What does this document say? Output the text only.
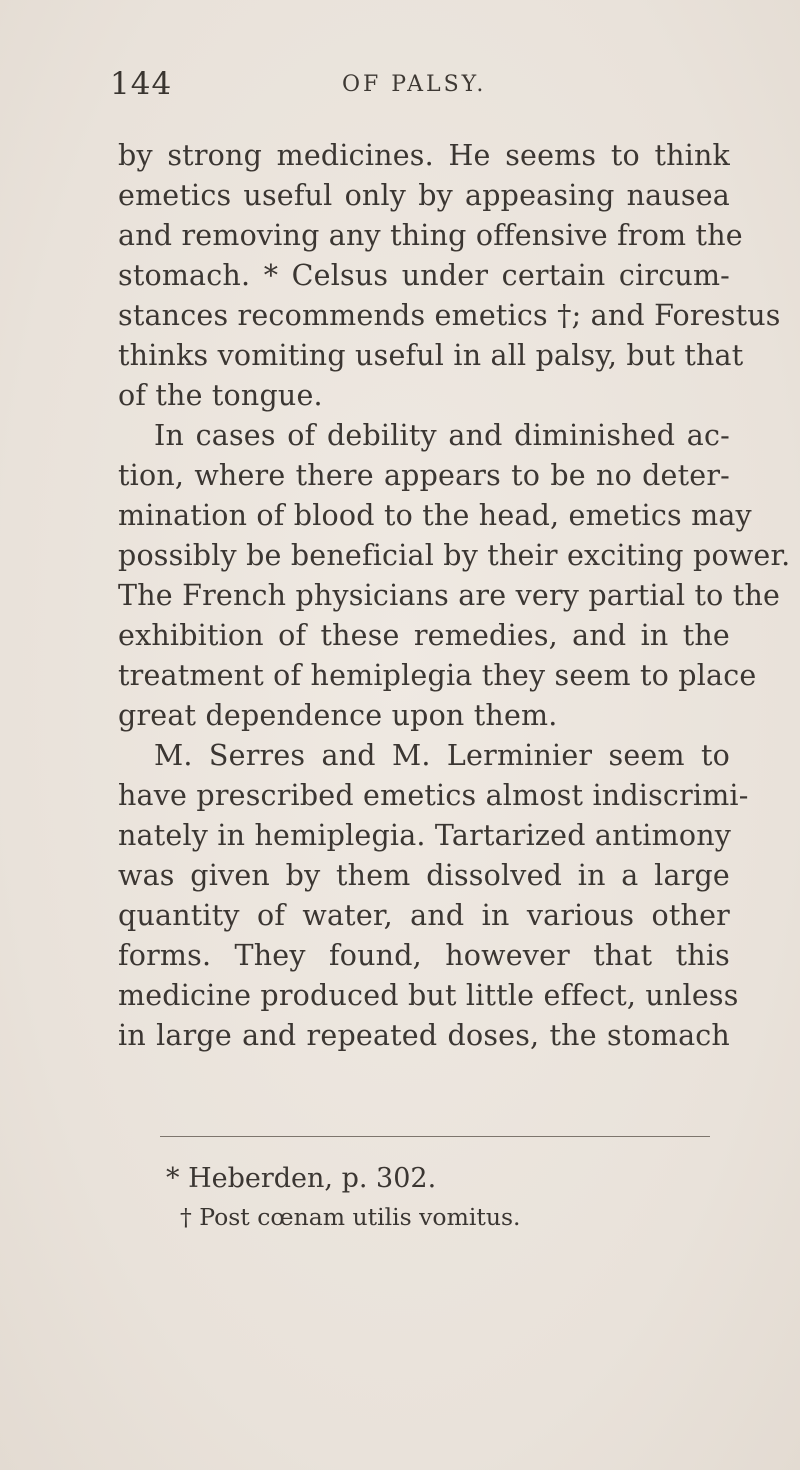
144	OF PALSY.
by strong medicines. He seems to think
emetics useful only by appeasing nausea
and removing any thing offensive from the
stomach. * Celsus under certain circum-
stances recommends emetics †; and Forestus
thinks vomiting useful in all palsy, but that
of the tongue.
In cases of debility and diminished ac-
tion, where there appears to be no deter-
mination of blood to the head, emetics may
possibly be beneficial by their exciting power.
The French physicians are very partial to the
exhibition of these remedies, and in the
treatment of hemiplegia they seem to place
great dependence upon them.
M. Serres and M. Lerminier seem to
have prescribed emetics almost indiscrimi-
nately in hemiplegia. Tartarized antimony
was given by them dissolved in a large
quantity of water, and in various other
forms. They found, however that this
medicine produced but little effect, unless
in large and repeated doses, the stomach
* Heberden, p. 302.
† Post cœnam utilis vomitus.
